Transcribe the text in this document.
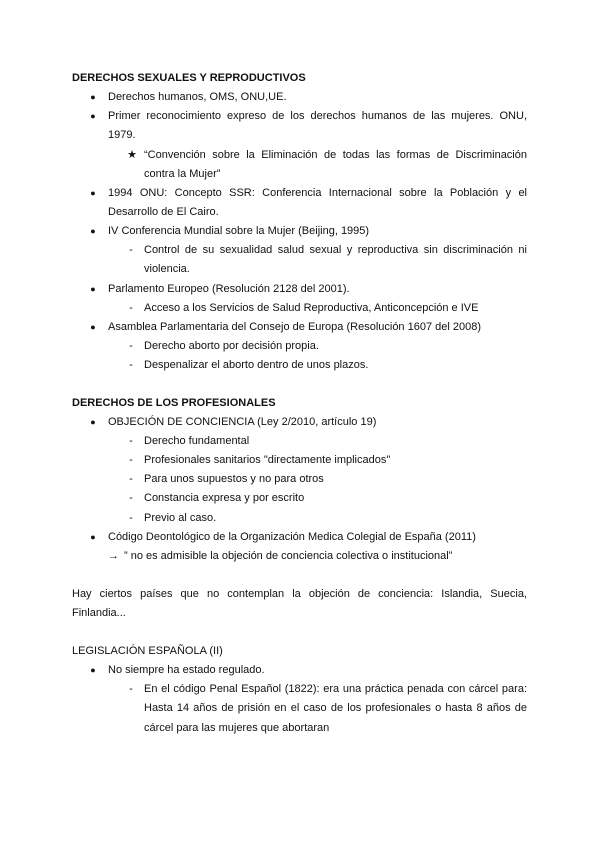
DERECHOS SEXUALES Y REPRODUCTIVOS
● Derechos humanos, OMS, ONU,UE.
● Primer reconocimiento expreso de los derechos humanos de las mujeres. ONU,
1979.
★ “Convención sobre la Eliminación de todas las formas de Discriminación
contra la Mujer”
● 1994 ONU: Concepto SSR: Conferencia Internacional sobre la Población y el
Desarrollo de El Cairo.
● IV Conferencia Mundial sobre la Mujer (Beijing, 1995)
- Control de su sexualidad salud sexual y reproductiva sin discriminación ni
violencia.
● Parlamento Europeo (Resolución 2128 del 2001).
- Acceso a los Servicios de Salud Reproductiva, Anticoncepción e IVE
● Asamblea Parlamentaria del Consejo de Europa (Resolución 1607 del 2008)
- Derecho aborto por decisión propia.
- Despenalizar el aborto dentro de unos plazos.
DERECHOS DE LOS PROFESIONALES
● OBJECIÓN DE CONCIENCIA (Ley 2/2010, artículo 19)
- Derecho fundamental
- Profesionales sanitarios "directamente implicados"
- Para unos supuestos y no para otros
- Constancia expresa y por escrito
- Previo al caso.
● Código Deontológico de la Organización Medica Colegial de España (2011)
→ ” no es admisible la objeción de conciencia colectiva o institucional”
Hay ciertos países que no contemplan la objeción de conciencia: Islandia, Suecia,
Finlandia...
LEGISLACIÓN ESPAÑOLA (II)
● No siempre ha estado regulado.
- En el código Penal Español (1822): era una práctica penada con cárcel para:
Hasta 14 años de prisión en el caso de los profesionales o hasta 8 años de
cárcel para las mujeres que abortaran
